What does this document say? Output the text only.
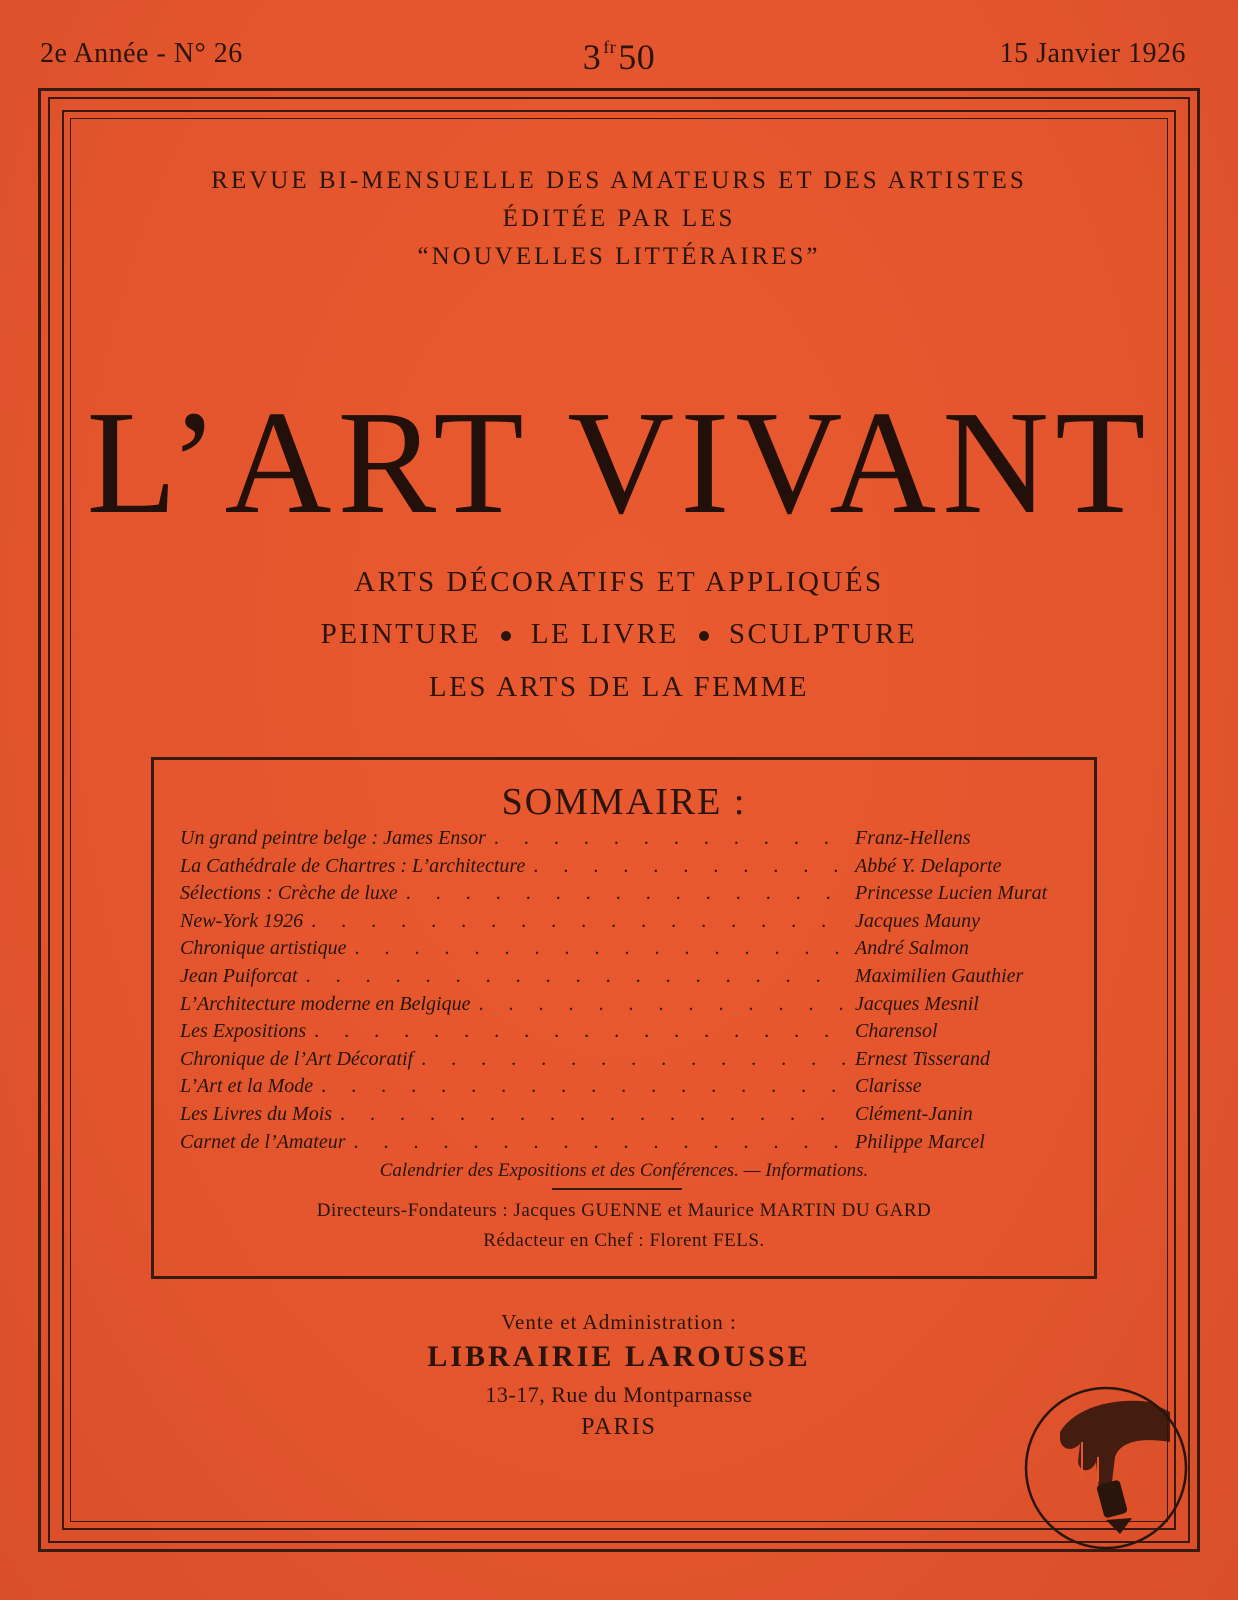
2e Année - N° 26	3 $^{fr}$50	15 Janvier 1926
REVUE BI-MENSUELLE DES AMATEURS ET DES ARTISTES
ÉDITÉE PAR LES
“NOUVELLES LITTÉRAIRES”
L’ART VIVANT
ARTS DÉCORATIFS ET APPLIQUÉS
PEINTURE LE LIVRE SCULPTURE
LES ARTS DE LA FEMME
SOMMAIRE :
Un grand peintre belge : James Ensor . . .	Franz-Hellens
La Cathédrale de Chartres : L’architecture . . .	Abbé Y. Delaporte
Sélections : Crèche de luxe . . .	Princesse Lucien Murat
New-York 1926 . . .	Jacques Mauny
Chronique artistique . . .	André Salmon
Jean Puiforcat . . .	Maximilien Gauthier
L’Architecture moderne en Belgique . . .	Jacques Mesnil
Les Expositions . . .	Charensol
Chronique de l’Art Décoratif . . .	Ernest Tisserand
L’Art et la Mode . . .	Clarisse
Les Livres du Mois . . .	Clément-Janin
Carnet de l’Amateur . . .	Philippe Marcel
Calendrier des Expositions et des Conférences. — Informations.
Directeurs-Fondateurs : Jacques GUENNE et Maurice MARTIN DU GARD
Rédacteur en Chef : Florent FELS.
Vente et Administration :
LIBRAIRIE LAROUSSE
13-17, Rue du Montparnasse
PARIS
